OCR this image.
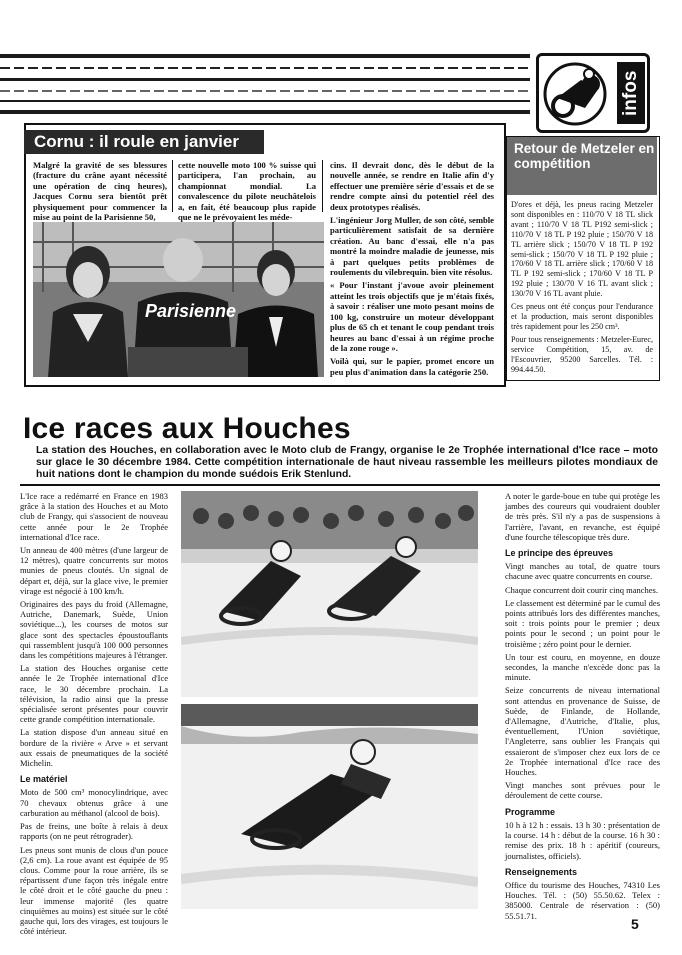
infos
Cornu : il roule en janvier
Malgré la gravité de ses blessures (fracture du crâne ayant nécessité une opération de cinq heures), Jacques Cornu sera bientôt prêt physiquement pour commencer la mise au point de la Parisienne 50,
cette nouvelle moto 100 % suisse qui participera, l'an prochain, au championnat mondial. La convalescence du pilote neuchâtelois a, en fait, été beaucoup plus rapide que ne le prévoyaient les méde-

cins. Il devrait donc, dès le début de la nouvelle année, se rendre en Italie afin d'y effectuer une première série d'essais et de se rendre compte ainsi du potentiel réel des deux prototypes réalisés.

L'ingénieur Jorg Muller, de son côté, semble particulièrement satisfait de sa dernière création. Au banc d'essai, elle n'a pas montré la moindre maladie de jeunesse, mis à part quelques petits problèmes de roulements du vilebrequin. bien vite résolus.

« Pour l'instant j'avoue avoir pleinement atteint les trois objectifs que je m'étais fixés, à savoir : réaliser une moto pesant moins de 100 kg, construire un moteur développant plus de 65 ch et tenant le coup pendant trois heures au banc d'essai à un régime proche de la zone rouge ».

Voilà qui, sur le papier, promet encore un peu plus d'animation dans la catégorie 250.

Parisienne
Retour de Metzeler en compétition

D'ores et déjà, les pneus racing Metzeler sont disponibles en : 110/70 V 18 TL slick avant ; 110/70 V 18 TL P192 semi-slick ; 110/70 V 18 TL P 192 pluie ; 150/70 V 18 TL arrière slick ; 150/70 V 18 TL P 192 semi-slick ; 150/70 V 18 TL P 192 pluie ; 170/60 V 18 TL arrière slick ; 170/60 V 18 TL P 192 semi-slick ; 170/60 V 18 TL P 192 pluie ; 130/70 V 16 TL avant slick ; 130/70 V 16 TL avant pluie.

Ces pneus ont été conçus pour l'endurance et la production, mais seront disponibles très rapidement pour les 250 cm³.

Pour tous renseignements : Metzeler-Eurec, service Compétition, 15, av. de l'Escouvrier, 95200 Sarcelles. Tél. : 994.44.50.

Ice races aux Houches
La station des Houches, en collaboration avec le Moto club de Frangy, organise le 2e Trophée international d'Ice race – moto sur glace le 30 décembre 1984. Cette compétition internationale de haut niveau rassemble les meilleurs pilotes mondiaux de huit nations dont le champion du monde suédois Erik Stenlund.

L'Ice race a redémarré en France en 1983 grâce à la station des Houches et au Moto club de Frangy, qui s'associent de nouveau cette année pour le 2e Trophée international d'Ice race.

Un anneau de 400 mètres (d'une largeur de 12 mètres), quatre concurrents sur motos munies de pneus cloutés. Un signal de départ et, déjà, sur la glace vive, le premier virage est négocié à 100 km/h.

Originaires des pays du froid (Allemagne, Autriche, Danemark, Suède, Union soviétique...), les courses de motos sur glace sont des spectacles époustouflants qui rassemblent jusqu'à 100 000 personnes dans les compétitions majeures à l'étranger.

La station des Houches organise cette année le 2e Trophée international d'Ice race, le 30 décembre prochain. La télévision, la radio ainsi que la presse spécialisée seront présentes pour couvrir cette grande compétition internationale.

La station dispose d'un anneau situé en bordure de la rivière « Arve » et servant aux essais de pneumatiques de la société Michelin.

Le matériel

Moto de 500 cm³ monocylindrique, avec 70 chevaux obtenus grâce à une carburation au méthanol (alcool de bois).

Pas de freins, une boîte à relais à deux rapports (on ne peut rétrograder).

Les pneus sont munis de clous d'un pouce (2,6 cm). La roue avant est équipée de 95 clous. Comme pour la roue arrière, ils se répartissent d'une façon très inégale entre le côté droit et le côté gauche du pneu : leur immense majorité (les quatre cinquièmes au moins) est située sur le côté gauche qui, lors des virages, est toujours le côté intérieur.

A noter le garde-boue en tube qui protège les jambes des coureurs qui voudraient doubler de très près. S'il n'y a pas de suspensions à l'arrière, l'avant, en revanche, est équipé d'une fourche télescopique très dure.

Le principe des épreuves

Vingt manches au total, de quatre tours chacune avec quatre concurrents en course.

Chaque concurrent doit courir cinq manches.

Le classement est déterminé par le cumul des points attribués lors des différentes manches, soit : trois points pour le premier ; deux points pour le second ; un point pour le troisième ; zéro point pour le dernier.

Un tour est couru, en moyenne, en douze secondes, la manche n'excède donc pas la minute.

Seize concurrents de niveau international sont attendus en provenance de Suisse, de Suède, de Finlande, de Hollande, d'Allemagne, d'Autriche, d'Italie, plus, éventuellement, l'Union soviétique, l'Angleterre, sans oublier les Français qui essaieront de s'imposer chez eux lors de ce 2e Trophée international d'Ice race des Houches.

Vingt manches sont prévues pour le déroulement de cette course.

Programme

10 h à 12 h : essais. 13 h 30 : présentation de la course. 14 h : début de la course. 16 h 30 : remise des prix. 18 h : apéritif (coureurs, journalistes, officiels).

Renseignements

Office du tourisme des Houches, 74310 Les Houches. Tél. : (50) 55.50.62. Telex : 385000. Centrale de réservation : (50) 55.51.71.

5
